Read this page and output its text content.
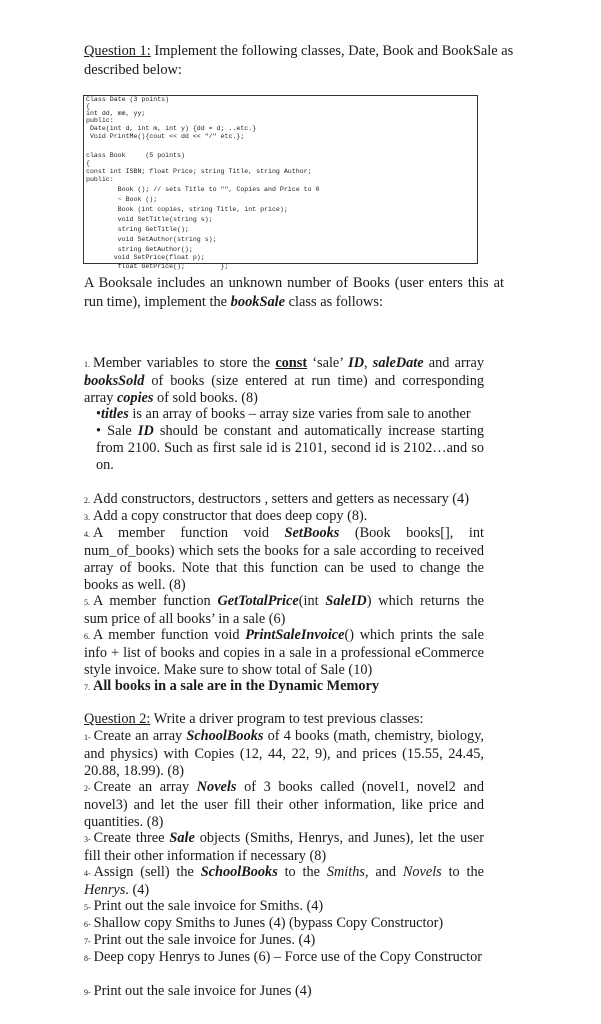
Question 1: Implement the following classes, Date, Book and BookSale as described below:
Class Date (3 points)
{
int dd, mm, yy;
public:
Date(int d, int m, int y) {dd = d; ..etc.}
Void PrintMe(){cout << dd << "/" etc.};
class Book     (5 points)
{
const int ISBN; float Price; string Title, string Author;
public:
Book (); // sets Title to "", Copies and Price to 0
~ Book ();
Book (int copies, string Title, int price);
void SetTitle(string s);
string GetTitle();
void SetAuthor(string s);
string GetAuthor();
void SetPrice(float p);
float GetPrice();         };
A Booksale includes an unknown number of Books (user enters this at run time), implement the bookSale class as follows:
1. Member variables to store the const ‘sale’ ID, saleDate and array booksSold of books (size entered at run time) and corresponding array copies of sold books. (8)
•titles is an array of books – array size varies from sale to another
• Sale ID should be constant and automatically increase starting from 2100. Such as first sale id is 2101, second id is 2102…and so on.
2. Add constructors, destructors , setters and getters as necessary (4)
3. Add a copy constructor that does deep copy (8).
4. A member function void SetBooks (Book books[], int num_of_books) which sets the books for a sale according to received array of books. Note that this function can be used to change the books as well. (8)
5. A member function GetTotalPrice(int SaleID) which returns the sum price of all books’ in a sale (6)
6. A member function void PrintSaleInvoice() which prints the sale info + list of books and copies in a sale in a professional eCommerce style invoice. Make sure to show total of Sale (10)
7. All books in a sale are in the Dynamic Memory
Question 2: Write a driver program to test previous classes:
1- Create an array SchoolBooks of 4 books (math, chemistry, biology, and physics) with Copies (12, 44, 22, 9), and prices (15.55, 24.45, 20.88, 18.99). (8)
2- Create an array Novels of 3 books called (novel1, novel2 and novel3) and let the user fill their other information, like price and quantities. (8)
3- Create three Sale objects (Smiths, Henrys, and Junes), let the user fill their other information if necessary (8)
4- Assign (sell) the SchoolBooks to the Smiths, and Novels to the Henrys. (4)
5- Print out the sale invoice for Smiths. (4)
6- Shallow copy Smiths to Junes (4) (bypass Copy Constructor)
7- Print out the sale invoice for Junes. (4)
8- Deep copy Henrys to Junes (6) – Force use of the Copy Constructor
9- Print out the sale invoice for Junes (4)
